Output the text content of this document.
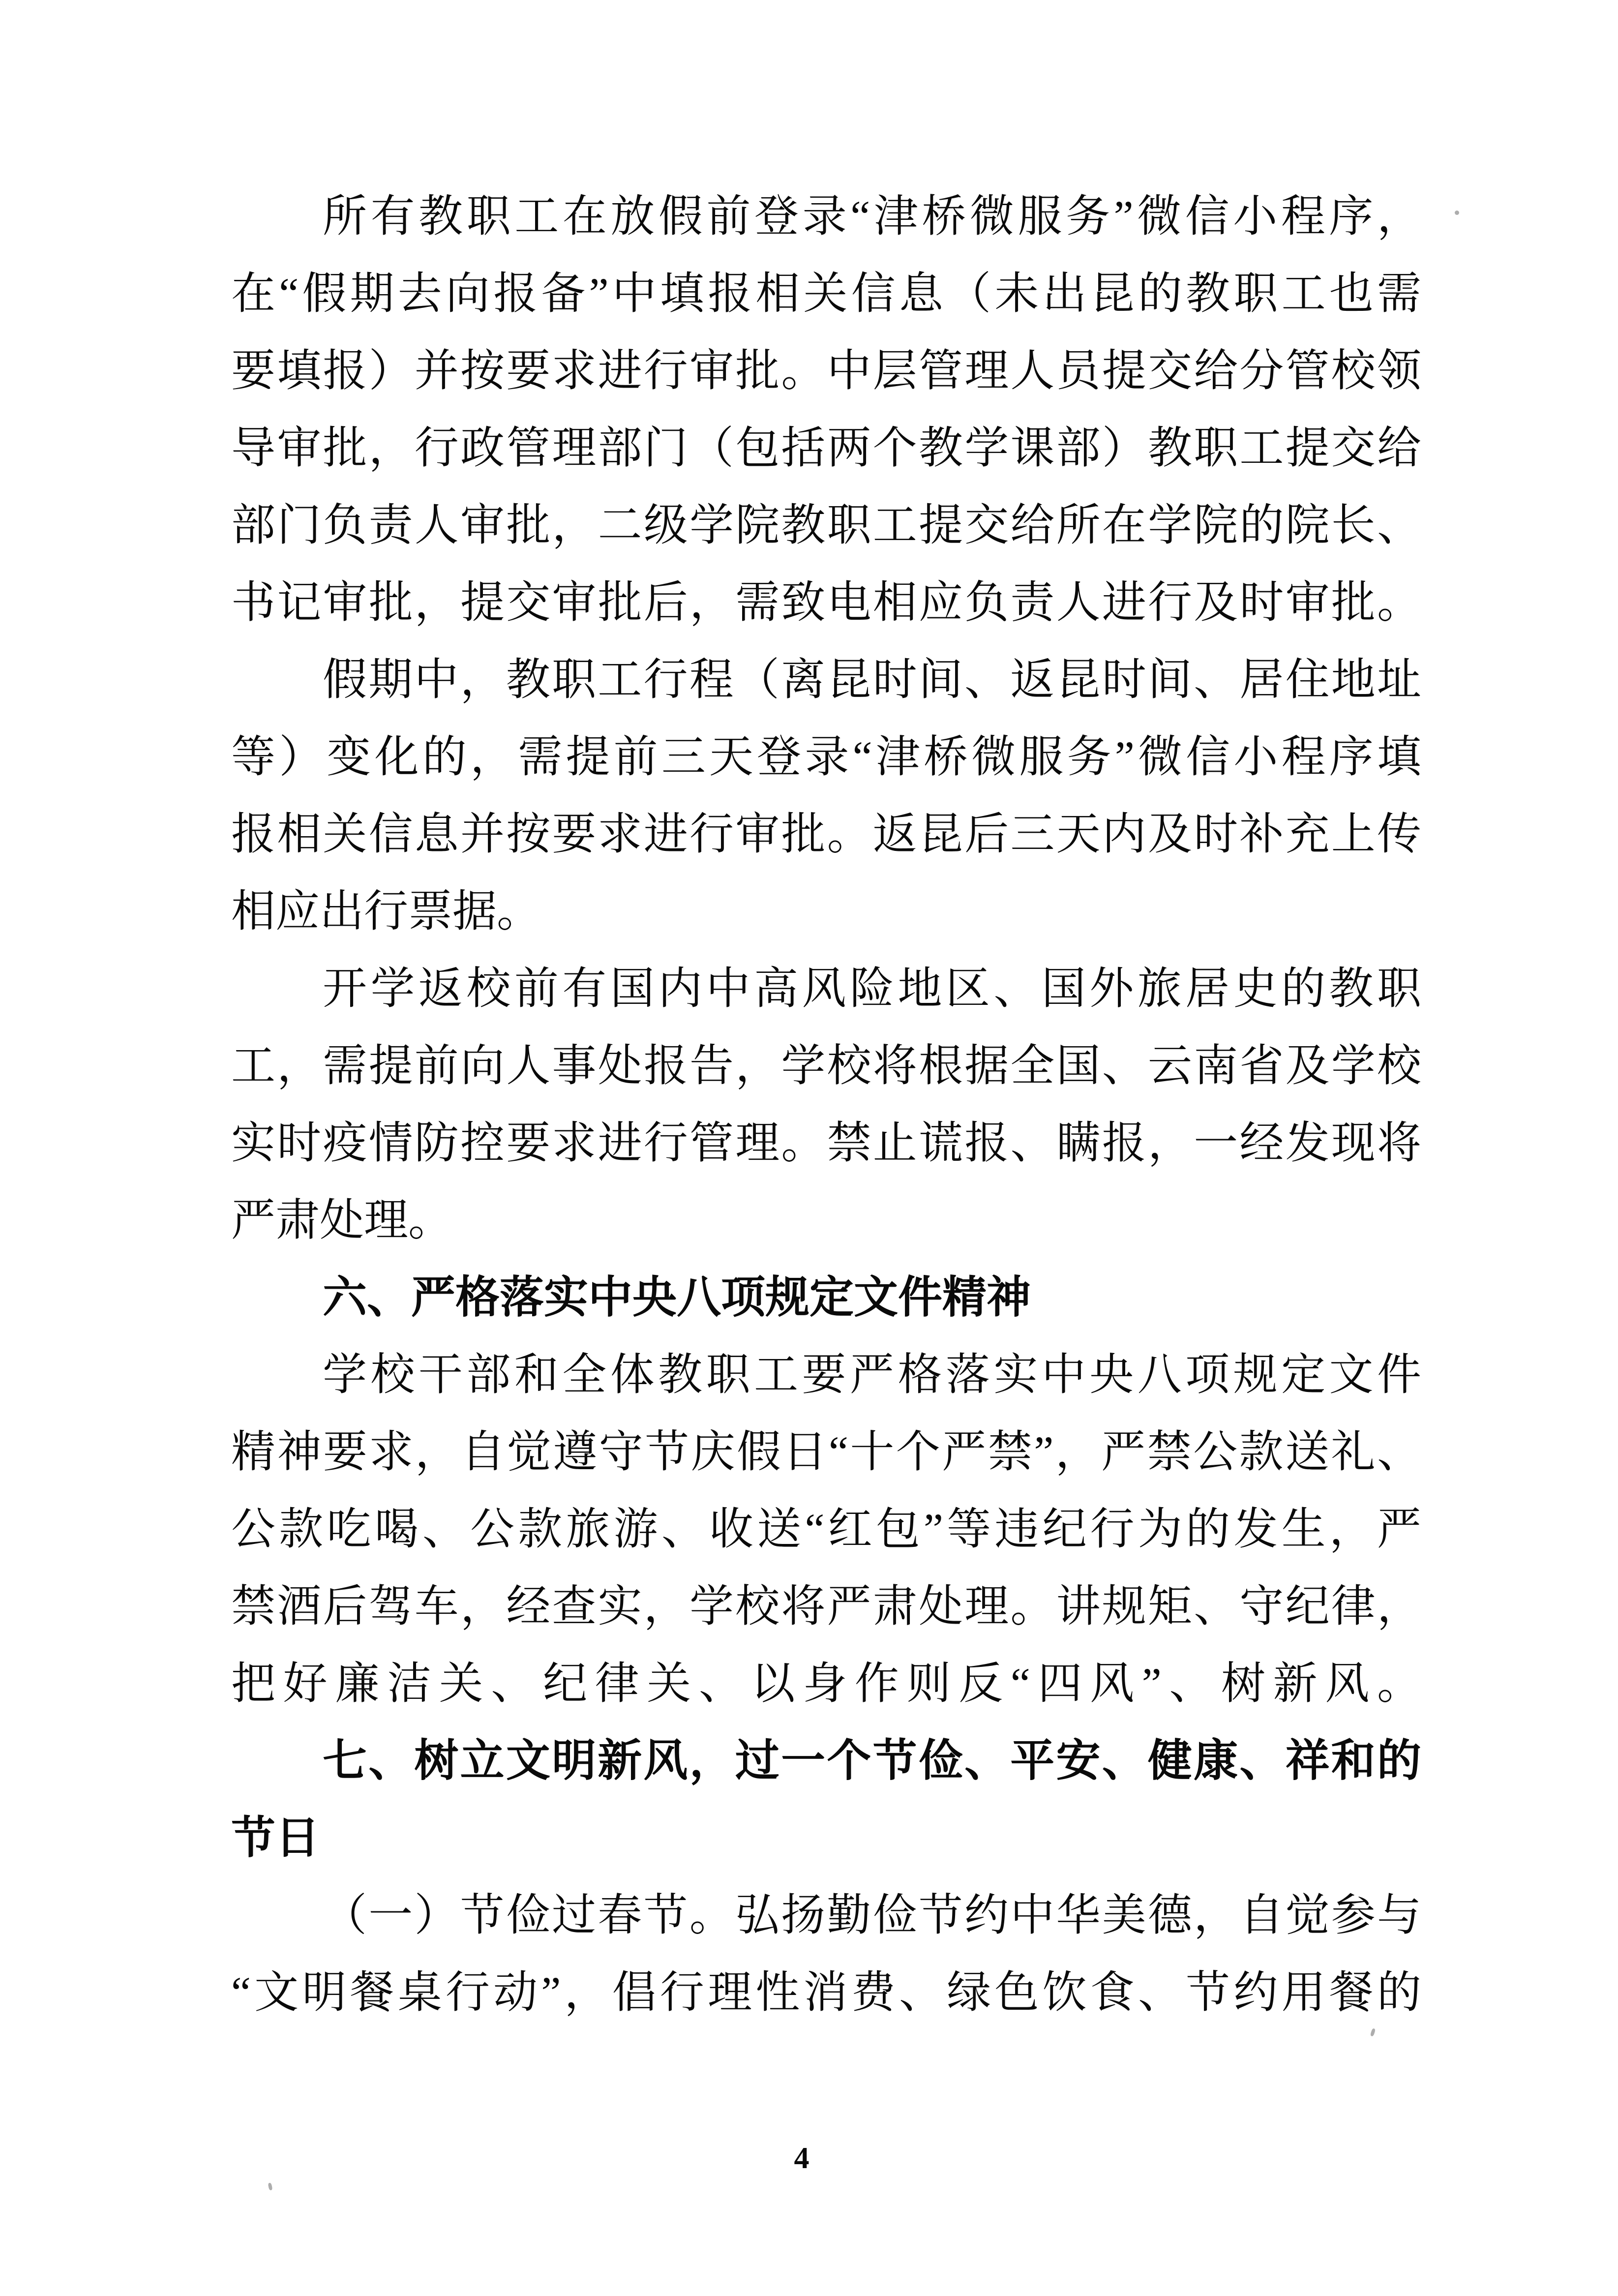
所有教职工在放假前登录“津桥微服务”微信小程序，
在“假期去向报备”中填报相关信息（未出昆的教职工也需
要填报）并按要求进行审批。中层管理人员提交给分管校领
导审批，行政管理部门（包括两个教学课部）教职工提交给
部门负责人审批，二级学院教职工提交给所在学院的院长、
书记审批，提交审批后，需致电相应负责人进行及时审批。
假期中，教职工行程（离昆时间、返昆时间、居住地址
等）变化的，需提前三天登录“津桥微服务”微信小程序填
报相关信息并按要求进行审批。返昆后三天内及时补充上传
相应出行票据。
开学返校前有国内中高风险地区、国外旅居史的教职
工，需提前向人事处报告，学校将根据全国、云南省及学校
实时疫情防控要求进行管理。禁止谎报、瞒报，一经发现将
严肃处理。
六、严格落实中央八项规定文件精神
学校干部和全体教职工要严格落实中央八项规定文件
精神要求，自觉遵守节庆假日“十个严禁”，严禁公款送礼、
公款吃喝、公款旅游、收送“红包”等违纪行为的发生，严
禁酒后驾车，经查实，学校将严肃处理。讲规矩、守纪律，
把好廉洁关、纪律关、以身作则反“四风”、树新风。
七、树立文明新风，过一个节俭、平安、健康、祥和的
节日
（一）节俭过春节。弘扬勤俭节约中华美德，自觉参与
“文明餐桌行动”，倡行理性消费、绿色饮食、节约用餐的
4
